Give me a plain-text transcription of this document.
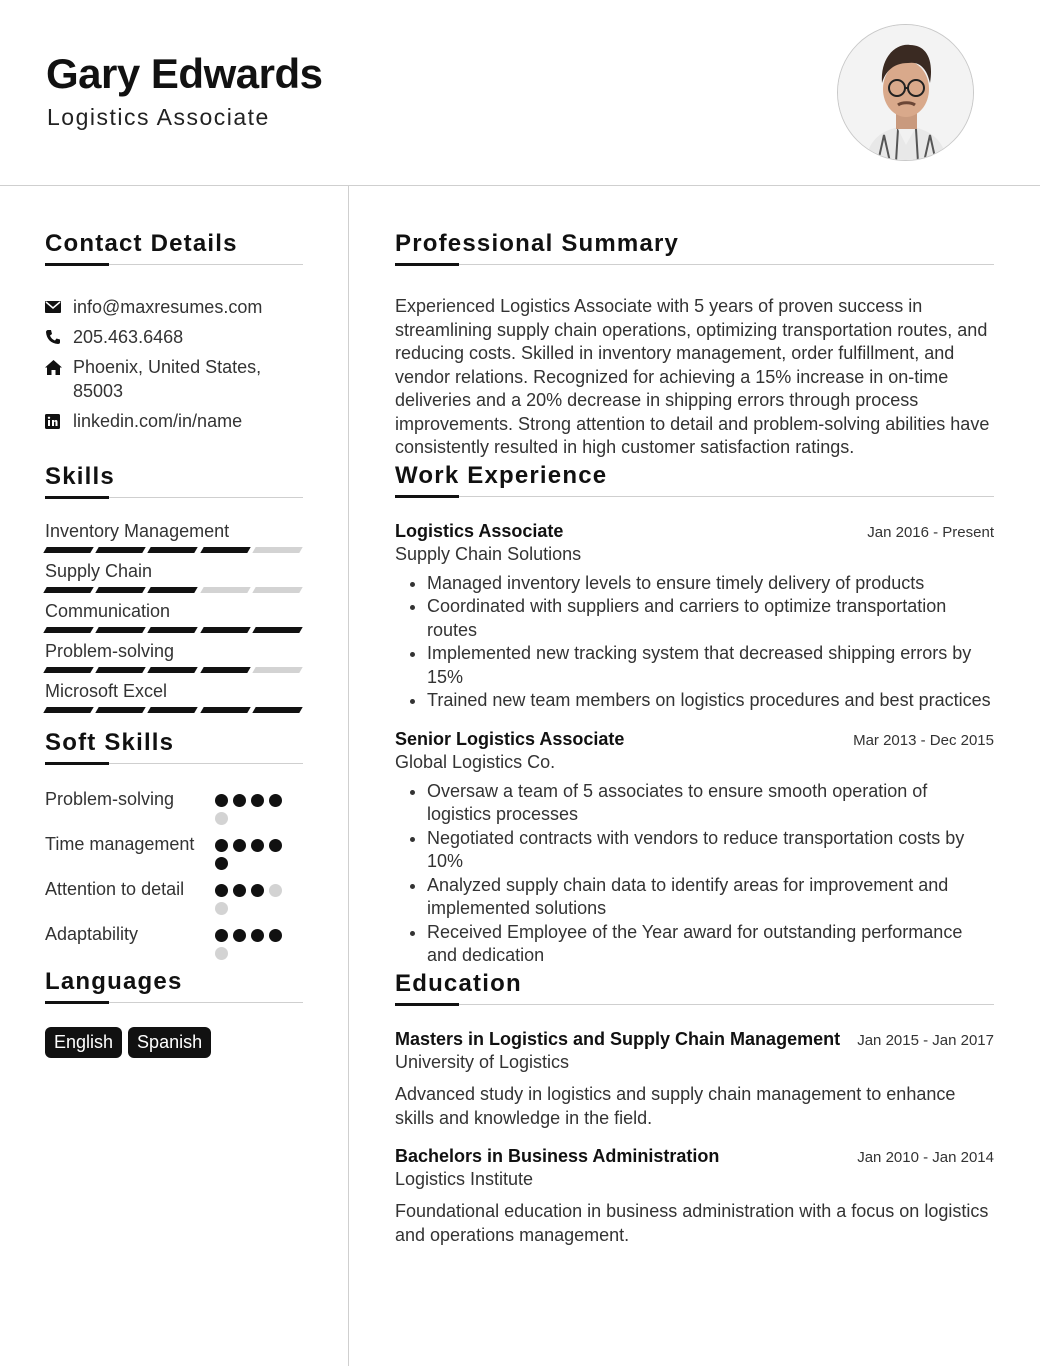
Gary Edwards
Logistics Associate
Contact Details
info@maxresumes.com
205.463.6468
Phoenix, United States, 85003
linkedin.com/in/name
Skills
Inventory Management
Supply Chain
Communication
Problem-solving
Microsoft Excel
Soft Skills
Problem-solving
Time management
Attention to detail
Adaptability
Languages
English	Spanish
Professional Summary

Experienced Logistics Associate with 5 years of proven success in streamlining supply chain operations, optimizing transportation routes, and reducing costs. Skilled in inventory management, order fulfillment, and vendor relations. Recognized for achieving a 15% increase in on-time deliveries and a 20% decrease in shipping errors through process improvements. Strong attention to detail and problem-solving abilities have consistently resulted in high customer satisfaction ratings.

Work Experience
Logistics Associate	Jan 2016 - Present
Supply Chain Solutions
• Managed inventory levels to ensure timely delivery of products
• Coordinated with suppliers and carriers to optimize transportation routes
• Implemented new tracking system that decreased shipping errors by 15%
• Trained new team members on logistics procedures and best practices
Senior Logistics Associate	Mar 2013 - Dec 2015
Global Logistics Co.
• Oversaw a team of 5 associates to ensure smooth operation of logistics processes
• Negotiated contracts with vendors to reduce transportation costs by 10%
• Analyzed supply chain data to identify areas for improvement and implemented solutions
• Received Employee of the Year award for outstanding performance and dedication
Education
Masters in Logistics and Supply Chain Management Jan 2015 - Jan 2017
University of Logistics

Advanced study in logistics and supply chain management to enhance skills and knowledge in the field.

Bachelors in Business Administration	Jan 2010 - Jan 2014
Logistics Institute

Foundational education in business administration with a focus on logistics and operations management.
